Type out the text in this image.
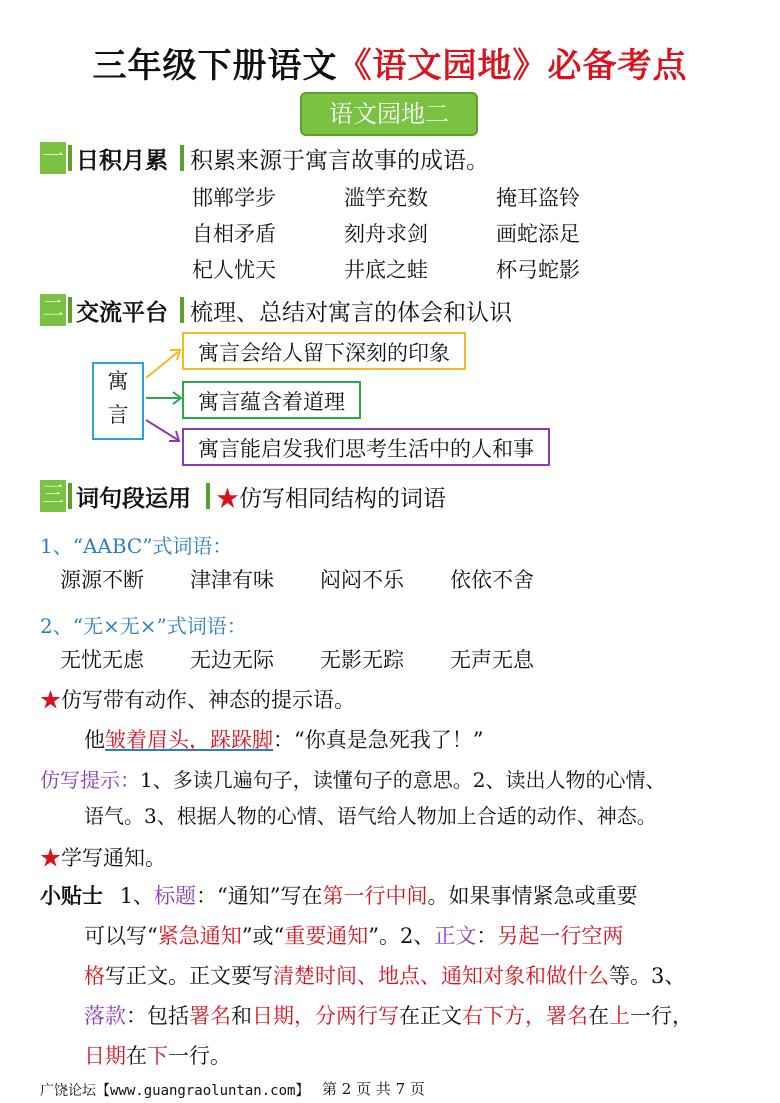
三年级下册语文《语文园地》必备考点
语文园地二
一 日积月累 积累来源于寓言故事的成语。
邯郸学步	滥竽充数	掩耳盗铃
自相矛盾	刻舟求剑	画蛇添足
杞人忧天	井底之蛙	杯弓蛇影
二 交流平台 梳理、总结对寓言的体会和认识
寓
言
寓言会给人留下深刻的印象
寓言蕴含着道理
寓言能启发我们思考生活中的人和事
三 词句段运用 ★仿写相同结构的词语
1、“AABC”式词语：
源源不断 津津有味 闷闷不乐 依依不舍
2、“无×无×”式词语：
无忧无虑 无边无际 无影无踪 无声无息
★仿写带有动作、神态的提示语。
他皱着眉头，跺跺脚：“你真是急死我了！”
仿写提示：1、多读几遍句子，读懂句子的意思。2、读出人物的心情、
语气。3、根据人物的心情、语气给人物加上合适的动作、神态。
★学写通知。
小贴士 1、标题：“通知”写在第一行中间。如果事情紧急或重要
可以写“紧急通知”或“重要通知”。2、正文：另起一行空两
格写正文。正文要写清楚时间、地点、通知对象和做什么等。3、
落款：包括署名和日期，分两行写在正文右下方，署名在上一行，
日期在下一行。
广饶论坛【www.guangraoluntan.com】 第 2 页 共 7 页
